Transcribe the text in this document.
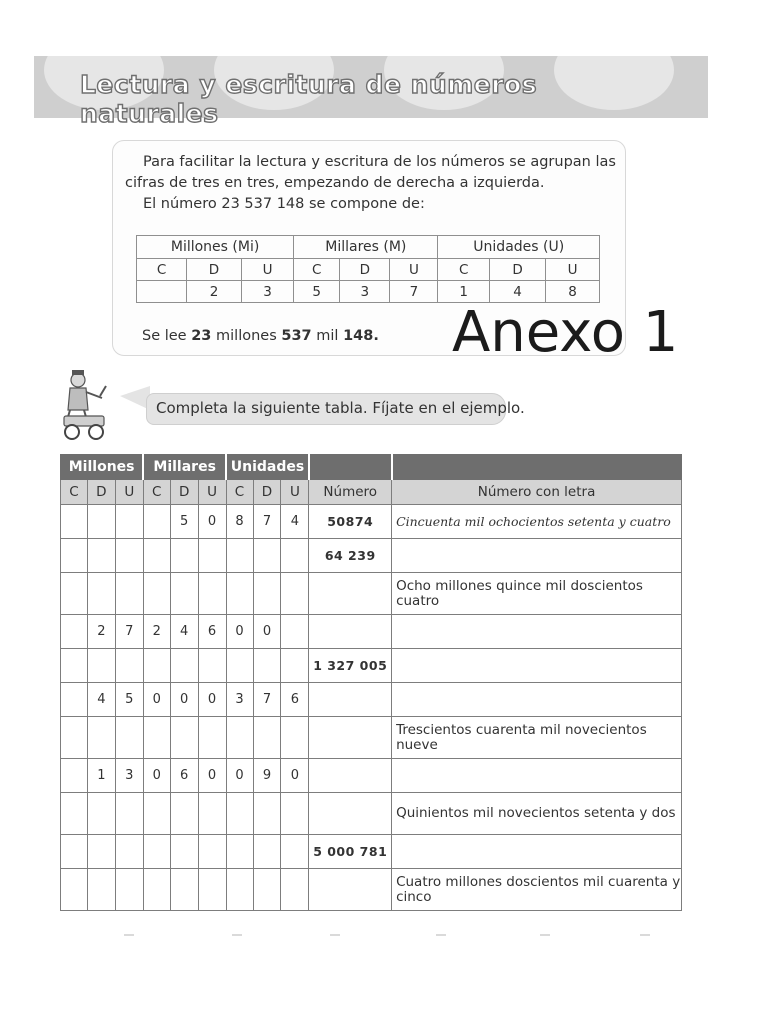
Lectura y escritura de números naturales
Para facilitar la lectura y escritura de los números se agrupan las
cifras de tres en tres, empezando de derecha a izquierda.
El número 23 537 148 se compone de:
Millones (Mi)			Millares (M)			Unidades (U)		
C	D	U	C	D	U	C	D	U
	2	3	5	3	7	1	4	8
Se lee 23 millones 537 mil 148. Anexo 1
Completa la siguiente tabla. Fíjate en el ejemplo.
Millones			Millares			Unidades				
C	D	U	C	D	U	C	D	U	Número	Número con letra
				5	0	8	7	4	50874	Cincuenta mil ochocientos setenta y cuatro
									64 239	
										Ocho millones quince mil doscientos cuatro
	2	7	2	4	6	0	0			
									1 327 005	
	4	5	0	0	0	3	7	6		
										Trescientos cuarenta mil novecientos nueve
	1	3	0	6	0	0	9	0		
										Quinientos mil novecientos setenta y dos
									5 000 781	
										Cuatro millones doscientos mil cuarenta y cinco
